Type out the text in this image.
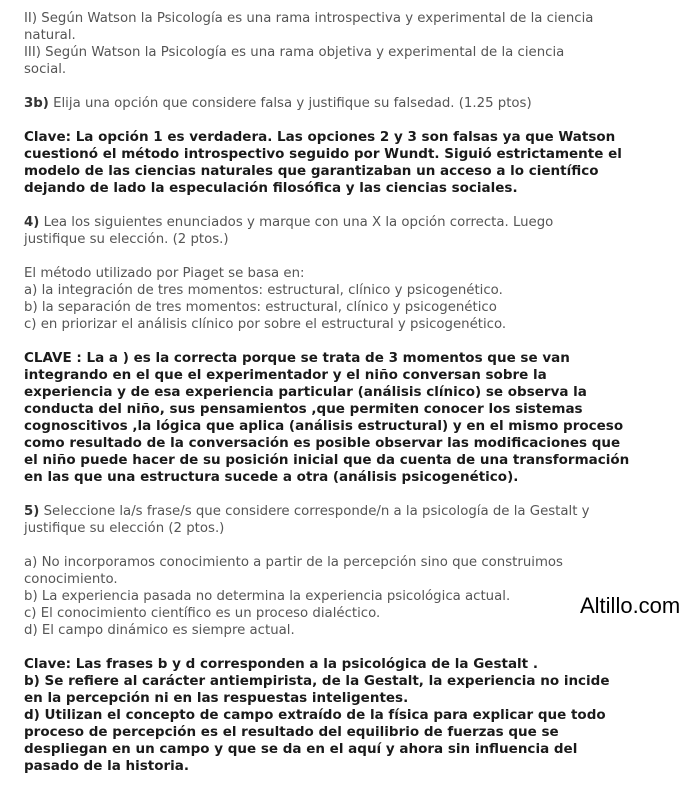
II) Según Watson la Psicología es una rama introspectiva y experimental de la ciencia

natural.

III) Según Watson la Psicología es una rama objetiva y experimental de la ciencia

social.

3b) Elija una opción que considere falsa y justifique su falsedad. (1.25 ptos)

Clave: La opción 1 es verdadera. Las opciones 2 y 3 son falsas ya que Watson

cuestionó el método introspectivo seguido por Wundt. Siguió estrictamente el

modelo de las ciencias naturales que garantizaban un acceso a lo científico

dejando de lado la especulación filosófica y las ciencias sociales.

4) Lea los siguientes enunciados y marque con una X la opción correcta. Luego

justifique su elección. (2 ptos.)

El método utilizado por Piaget se basa en:

a) la integración de tres momentos: estructural, clínico y psicogenético.

b) la separación de tres momentos: estructural, clínico y psicogenético

c) en priorizar el análisis clínico por sobre el estructural y psicogenético.

CLAVE : La a ) es la correcta porque se trata de 3 momentos que se van

integrando en el que el experimentador y el niño conversan sobre la

experiencia y de esa experiencia particular (análisis clínico) se observa la

conducta del niño, sus pensamientos ,que permiten conocer los sistemas

cognoscitivos ,la lógica que aplica (análisis estructural) y en el mismo proceso

como resultado de la conversación es posible observar las modificaciones que

el niño puede hacer de su posición inicial que da cuenta de una transformación

en las que una estructura sucede a otra (análisis psicogenético).

5) Seleccione la/s frase/s que considere corresponde/n a la psicología de la Gestalt y

justifique su elección (2 ptos.)

a) No incorporamos conocimiento a partir de la percepción sino que construimos

conocimiento.

b) La experiencia pasada no determina la experiencia psicológica actual.

c) El conocimiento científico es un proceso dialéctico.

d) El campo dinámico es siempre actual.

Clave: Las frases b y d corresponden a la psicológica de la Gestalt .

b) Se refiere al carácter antiempirista, de la Gestalt, la experiencia no incide

en la percepción ni en las respuestas inteligentes.

d) Utilizan el concepto de campo extraído de la física para explicar que todo

proceso de percepción es el resultado del equilibrio de fuerzas que se

despliegan en un campo y que se da en el aquí y ahora sin influencia del

pasado de la historia.

Altillo.com
